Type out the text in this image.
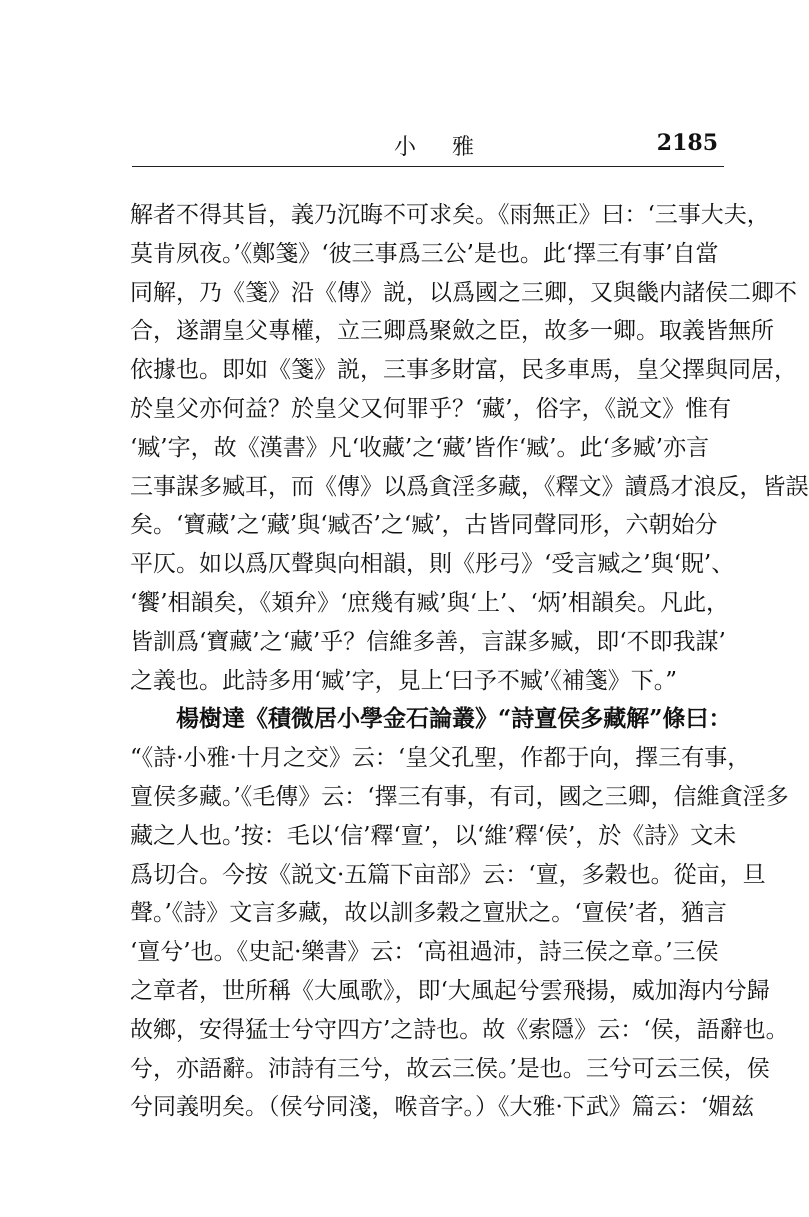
小雅	2185
解者不得其旨，義乃沉晦不可求矣。《雨無正》曰：‘三事大夫，
莫肯夙夜。’《鄭箋》‘彼三事爲三公’是也。此‘擇三有事’自當
同解，乃《箋》沿《傳》説，以爲國之三卿，又與畿内諸侯二卿不
合，遂謂皇父專權，立三卿爲聚斂之臣，故多一卿。取義皆無所
依據也。即如《箋》説，三事多財富，民多車馬，皇父擇與同居，
於皇父亦何益？於皇父又何罪乎？‘藏’，俗字，《説文》惟有
‘臧’字，故《漢書》凡‘收藏’之‘藏’皆作‘臧’。此‘多臧’亦言
三事謀多臧耳，而《傳》以爲貪淫多藏，《釋文》讀爲才浪反，皆誤
矣。‘寶藏’之‘藏’與‘臧否’之‘臧’，古皆同聲同形，六朝始分
平仄。如以爲仄聲與向相韻，則《彤弓》‘受言臧之’與‘貺’、
‘饗’相韻矣，《頍弁》‘庶幾有臧’與‘上’、‘炳’相韻矣。凡此，
皆訓爲‘寶藏’之‘藏’乎？信維多善，言謀多臧，即‘不即我謀’
之義也。此詩多用‘臧’字，見上‘曰予不臧’《補箋》下。”
　　楊樹達《積微居小學金石論叢》“詩亶侯多藏解”條曰：
“《詩·小雅·十月之交》云：‘皇父孔聖，作都于向，擇三有事，
亶侯多藏。’《毛傳》云：‘擇三有事，有司，國之三卿，信維貪淫多
藏之人也。’按：毛以‘信’釋‘亶’，以‘維’釋‘侯’，於《詩》文未
爲切合。今按《説文·五篇下亩部》云：‘亶，多穀也。從亩，旦
聲。’《詩》文言多藏，故以訓多穀之亶狀之。‘亶侯’者，猶言
‘亶兮’也。《史記·樂書》云：‘高祖過沛，詩三侯之章。’三侯
之章者，世所稱《大風歌》，即‘大風起兮雲飛揚，威加海内兮歸
故鄉，安得猛士兮守四方’之詩也。故《索隱》云：‘侯，語辭也。
兮，亦語辭。沛詩有三兮，故云三侯。’是也。三兮可云三侯，侯
兮同義明矣。（侯兮同淺，喉音字。）《大雅·下武》篇云：‘媚兹
